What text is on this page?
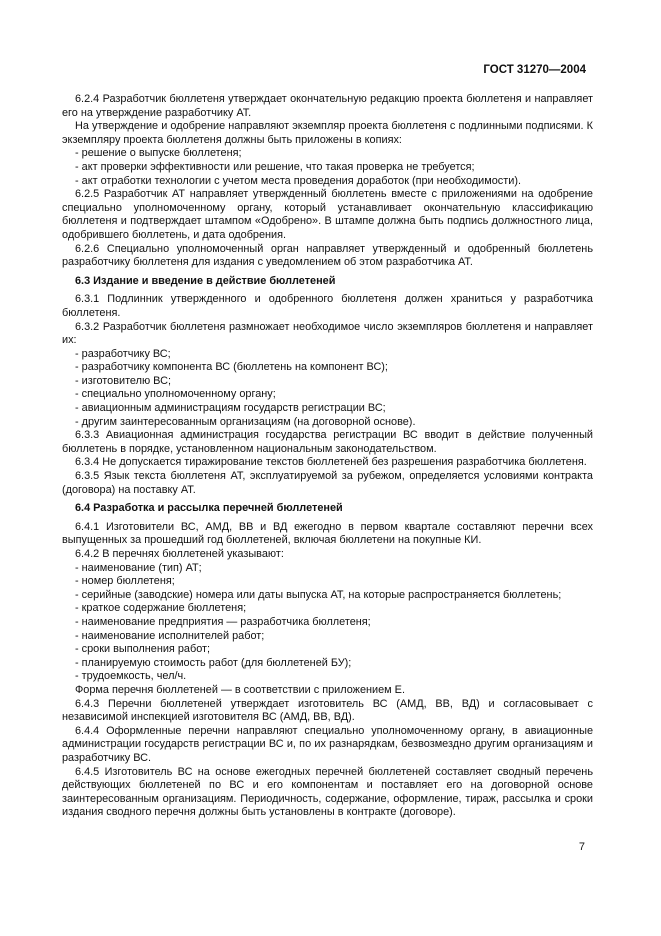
ГОСТ 31270—2004
6.2.4 Разработчик бюллетеня утверждает окончательную редакцию проекта бюллетеня и направляет его на утверждение разработчику АТ.
На утверждение и одобрение направляют экземпляр проекта бюллетеня с подлинными подписями. К экземпляру проекта бюллетеня должны быть приложены в копиях:
- решение о выпуске бюллетеня;
- акт проверки эффективности или решение, что такая проверка не требуется;
- акт отработки технологии с учетом места проведения доработок (при необходимости).
6.2.5 Разработчик АТ направляет утвержденный бюллетень вместе с приложениями на одобрение специально уполномоченному органу, который устанавливает окончательную классификацию бюллетеня и подтверждает штампом «Одобрено». В штампе должна быть подпись должностного лица, одобрившего бюллетень, и дата одобрения.
6.2.6 Специально уполномоченный орган направляет утвержденный и одобренный бюллетень разработчику бюллетеня для издания с уведомлением об этом разработчика АТ.
6.3 Издание и введение в действие бюллетеней
6.3.1 Подлинник утвержденного и одобренного бюллетеня должен храниться у разработчика бюллетеня.
6.3.2 Разработчик бюллетеня размножает необходимое число экземпляров бюллетеня и направляет их:
- разработчику ВС;
- разработчику компонента ВС (бюллетень на компонент ВС);
- изготовителю ВС;
- специально уполномоченному органу;
- авиационным администрациям государств регистрации ВС;
- другим заинтересованным организациям (на договорной основе).
6.3.3 Авиационная администрация государства регистрации ВС вводит в действие полученный бюллетень в порядке, установленном национальным законодательством.
6.3.4 Не допускается тиражирование текстов бюллетеней без разрешения разработчика бюллетеня.
6.3.5 Язык текста бюллетеня АТ, эксплуатируемой за рубежом, определяется условиями контракта (договора) на поставку АТ.
6.4 Разработка и рассылка перечней бюллетеней
6.4.1 Изготовители ВС, АМД, ВВ и ВД ежегодно в первом квартале составляют перечни всех выпущенных за прошедший год бюллетеней, включая бюллетени на покупные КИ.
6.4.2 В перечнях бюллетеней указывают:
- наименование (тип) АТ;
- номер бюллетеня;
- серийные (заводские) номера или даты выпуска АТ, на которые распространяется бюллетень;
- краткое содержание бюллетеня;
- наименование предприятия — разработчика бюллетеня;
- наименование исполнителей работ;
- сроки выполнения работ;
- планируемую стоимость работ (для бюллетеней БУ);
- трудоемкость, чел/ч.
Форма перечня бюллетеней — в соответствии с приложением Е.
6.4.3 Перечни бюллетеней утверждает изготовитель ВС (АМД, ВВ, ВД) и согласовывает с независимой инспекцией изготовителя ВС (АМД, ВВ, ВД).
6.4.4 Оформленные перечни направляют специально уполномоченному органу, в авиационные администрации государств регистрации ВС и, по их разнарядкам, безвозмездно другим организациям и разработчику ВС.
6.4.5 Изготовитель ВС на основе ежегодных перечней бюллетеней составляет сводный перечень действующих бюллетеней по ВС и его компонентам и поставляет его на договорной основе заинтересованным организациям. Периодичность, содержание, оформление, тираж, рассылка и сроки издания сводного перечня должны быть установлены в контракте (договоре).
7
